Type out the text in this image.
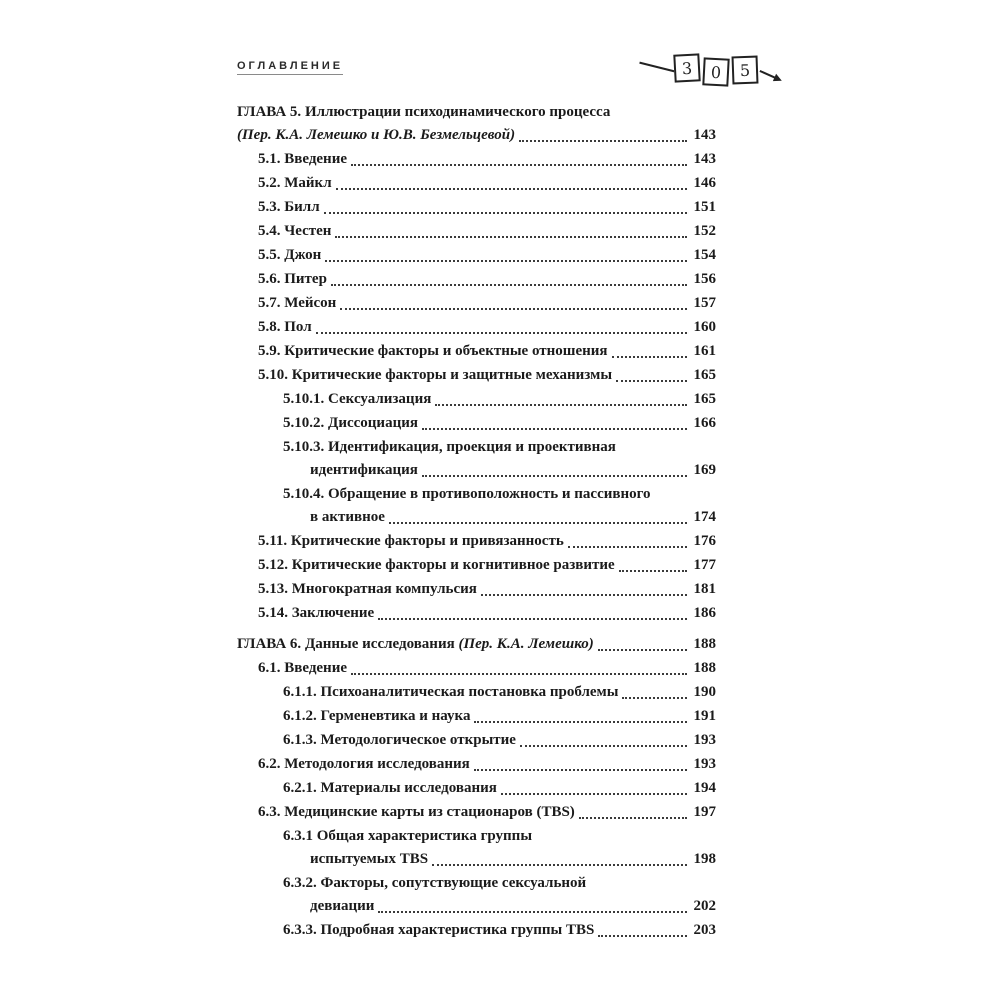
ОГЛАВЛЕНИЕ	3	0	5
ГЛАВА 5. Иллюстрации психодинамического процесса
(Пер. К.А. Лемешко и Ю.В. Безмельцевой)	143
5.1. Введение	143
5.2. Майкл	146
5.3. Билл	151
5.4. Честен	152
5.5. Джон	154
5.6. Питер	156
5.7. Мейсон	157
5.8. Пол	160
5.9. Критические факторы и объектные отношения	161
5.10. Критические факторы и защитные механизмы	165
5.10.1. Сексуализация	165
5.10.2. Диссоциация	166
5.10.3. Идентификация, проекция и проективная
идентификация	169
5.10.4. Обращение в противоположность и пассивного
в активное	174
5.11. Критические факторы и привязанность	176
5.12. Критические факторы и когнитивное развитие	177
5.13. Многократная компульсия	181
5.14. Заключение	186
ГЛАВА 6. Данные исследования (Пер. К.А. Лемешко)	188
6.1. Введение	188
6.1.1. Психоаналитическая постановка проблемы	190
6.1.2. Герменевтика и наука	191
6.1.3. Методологическое открытие	193
6.2. Методология исследования	193
6.2.1. Материалы исследования	194
6.3. Медицинские карты из стационаров (TBS)	197
6.3.1 Общая характеристика группы
испытуемых TBS	198
6.3.2. Факторы, сопутствующие сексуальной
девиации	202
6.3.3. Подробная характеристика группы TBS	203
